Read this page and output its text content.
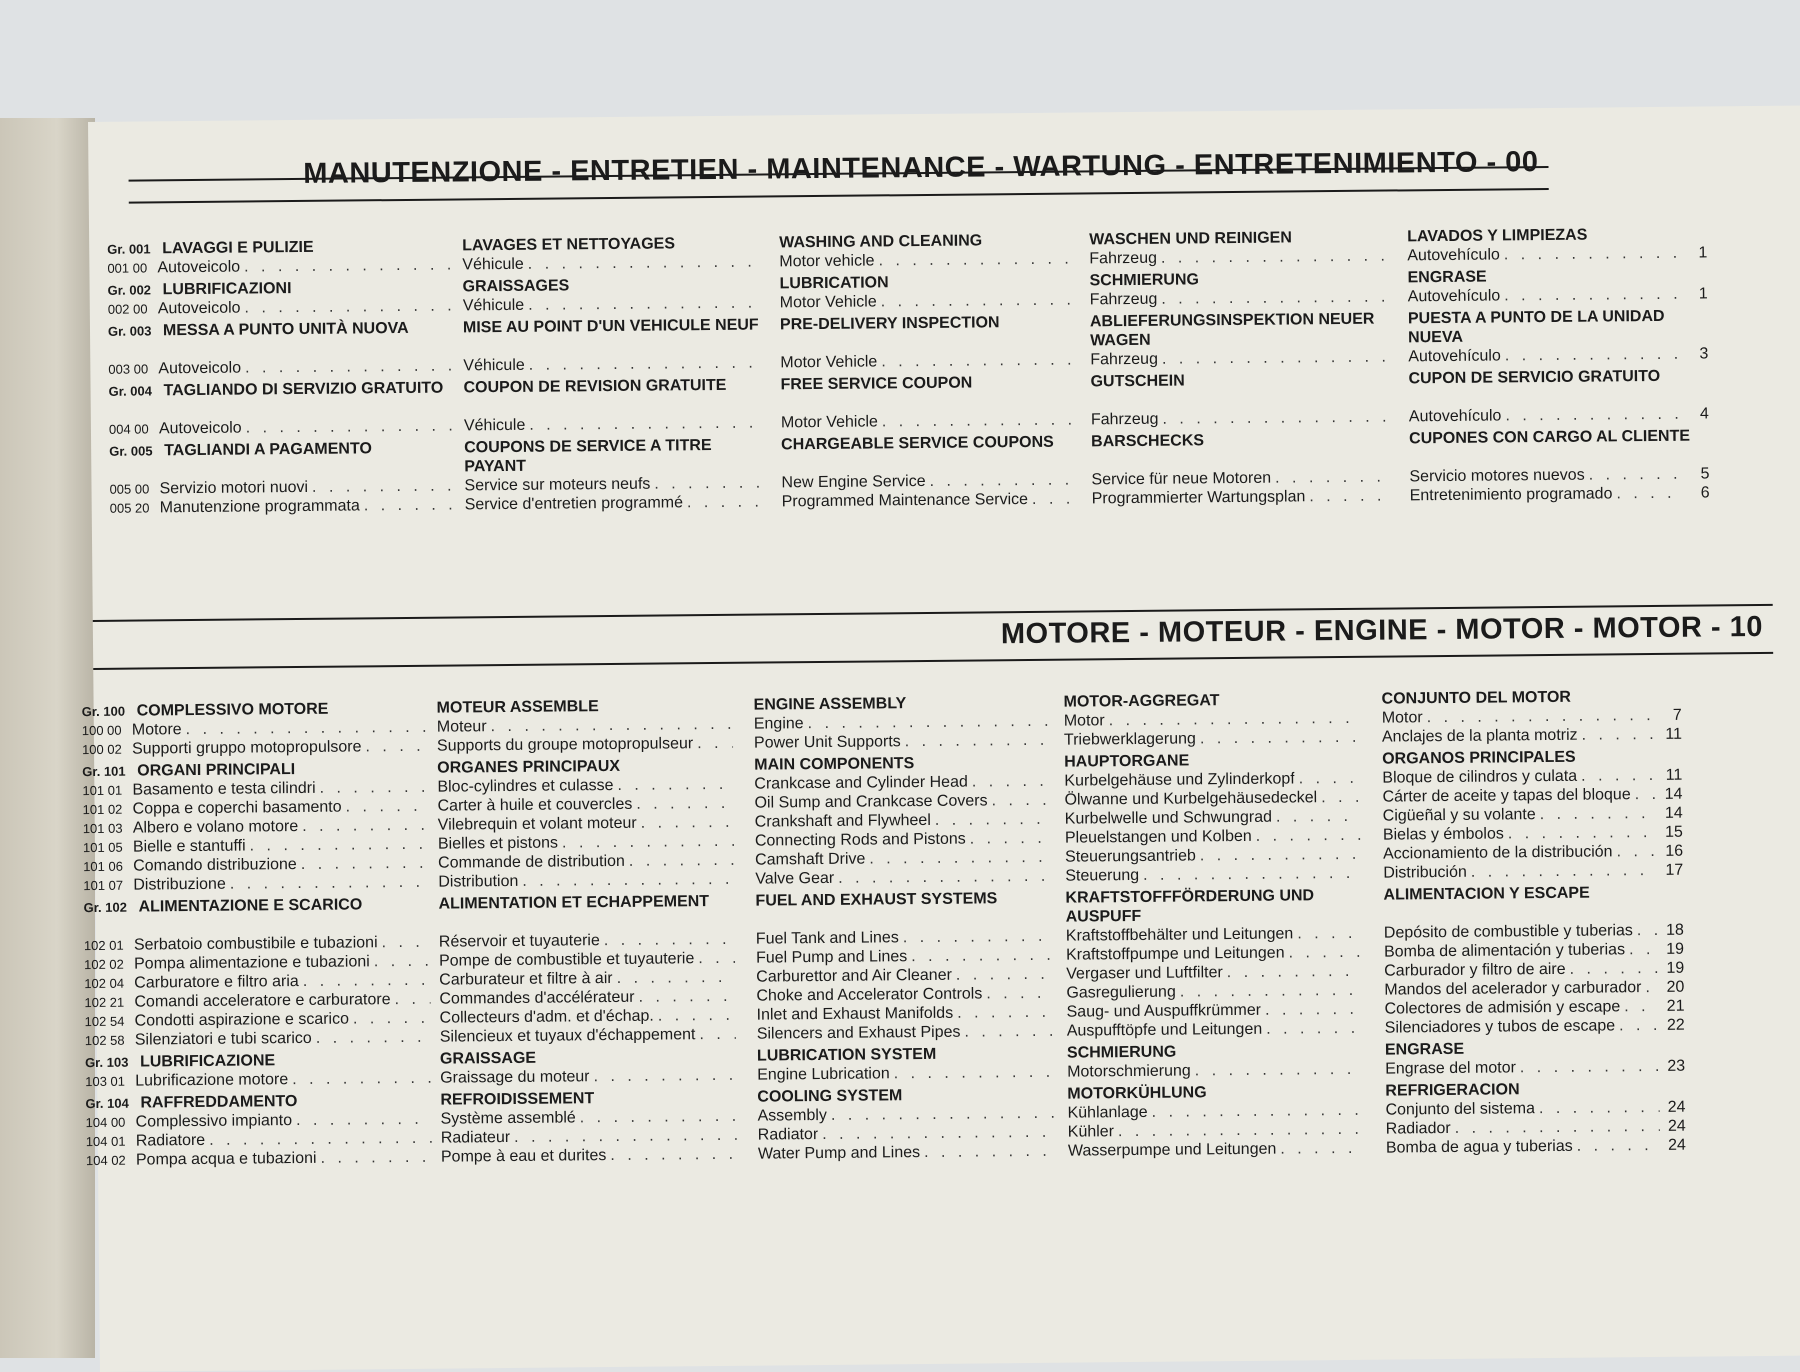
MANUTENZIONE - ENTRETIEN - MAINTENANCE - WARTUNG - ENTRETENIMIENTO - 00
Gr. 001 LAVAGGI E PULIZIE
001 00 Autoveicolo
. . .
Gr. 002 LUBRIFICAZIONI
002 00 Autoveicolo
. . .
Gr. 003 MESSA A PUNTO UNITÀ NUOVA
003 00 Autoveicolo
. . .
Gr. 004 TAGLIANDO DI SERVIZIO GRATUITO
004 00 Autoveicolo
. . .
Gr. 005 TAGLIANDI A PAGAMENTO
005 00 Servizio motori nuovi
. . .
005 20 Manutenzione programmata
. . .
LAVAGES ET NETTOYAGES
Véhicule
. . .
GRAISSAGES
Véhicule
. . .
MISE AU POINT D'UN VEHICULE NEUF
Véhicule
. . .
COUPON DE REVISION GRATUITE
Véhicule
. . .
COUPONS DE SERVICE A TITRE PAYANT
Service sur moteurs neufs
. . .
Service d'entretien programmé
. . .
WASHING AND CLEANING
Motor vehicle
. . .
LUBRICATION
Motor Vehicle
. . .
PRE-DELIVERY INSPECTION
Motor Vehicle
. . .
FREE SERVICE COUPON
Motor Vehicle
. . .
CHARGEABLE SERVICE COUPONS
New Engine Service
. . .
Programmed Maintenance Service
. . .
WASCHEN UND REINIGEN
Fahrzeug
. . .
SCHMIERUNG
Fahrzeug
. . .
ABLIEFERUNGSINSPEKTION NEUER WAGEN
Fahrzeug
. . .
GUTSCHEIN
Fahrzeug
. . .
BARSCHECKS
Service für neue Motoren
. . .
Programmierter Wartungsplan
. . .
LAVADOS Y LIMPIEZAS
Autovehículo . . .	1
ENGRASE
Autovehículo . . .	1
PUESTA A PUNTO DE LA UNIDAD NUEVA
Autovehículo . . .	3
CUPON DE SERVICIO GRATUITO
Autovehículo . . .	4
CUPONES CON CARGO AL CLIENTE
Servicio motores nuevos . . .	5
Entretenimiento programado . . .	6
MOTORE - MOTEUR - ENGINE - MOTOR - MOTOR - 10
Gr. 100 COMPLESSIVO MOTORE
100 00 Motore
. . .
100 02 Supporti gruppo motopropulsore
. . .
Gr. 101 ORGANI PRINCIPALI
101 01 Basamento e testa cilindri
. . .
101 02 Coppa e coperchi basamento
. . .
101 03 Albero e volano motore
. . .
101 05 Bielle e stantuffi
. . .
101 06 Comando distribuzione
. . .
101 07 Distribuzione
. . .
Gr. 102 ALIMENTAZIONE E SCARICO
102 01 Serbatoio combustibile e tubazioni
. . .
102 02 Pompa alimentazione e tubazioni
. . .
102 04 Carburatore e filtro aria
. . .
102 21 Comandi acceleratore e carburatore
. . .
102 54 Condotti aspirazione e scarico
. . .
102 58 Silenziatori e tubi scarico
. . .
Gr. 103 LUBRIFICAZIONE
103 01 Lubrificazione motore
. . .
Gr. 104 RAFFREDDAMENTO
104 00 Complessivo impianto
. . .
104 01 Radiatore
. . .
104 02 Pompa acqua e tubazioni
. . .
MOTEUR ASSEMBLE
Moteur
. . .
Supports du groupe motopropulseur
. . .
ORGANES PRINCIPAUX
Bloc-cylindres et culasse
. . .
Carter à huile et couvercles
. . .
Vilebrequin et volant moteur
. . .
Bielles et pistons
. . .
Commande de distribution
. . .
Distribution
. . .
ALIMENTATION ET ECHAPPEMENT
Réservoir et tuyauterie
. . .
Pompe de combustible et tuyauterie
. . .
Carburateur et filtre à air
. . .
Commandes d'accélérateur
. . .
Collecteurs d'adm. et d'échap.
. . .
Silencieux et tuyaux d'échappement
. . .
GRAISSAGE
Graissage du moteur
. . .
REFROIDISSEMENT
Système assemblé
. . .
Radiateur
. . .
Pompe à eau et durites
. . .
ENGINE ASSEMBLY
Engine
. . .
Power Unit Supports
. . .
MAIN COMPONENTS
Crankcase and Cylinder Head
. . .
Oil Sump and Crankcase Covers
. . .
Crankshaft and Flywheel
. . .
Connecting Rods and Pistons
. . .
Camshaft Drive
. . .
Valve Gear
. . .
FUEL AND EXHAUST SYSTEMS
Fuel Tank and Lines
. . .
Fuel Pump and Lines
. . .
Carburettor and Air Cleaner
. . .
Choke and Accelerator Controls
. . .
Inlet and Exhaust Manifolds
. . .
Silencers and Exhaust Pipes
. . .
LUBRICATION SYSTEM
Engine Lubrication
. . .
COOLING SYSTEM
Assembly
. . .
Radiator
. . .
Water Pump and Lines
. . .
MOTOR-AGGREGAT
Motor
. . .
Triebwerklagerung
. . .
HAUPTORGANE
Kurbelgehäuse und Zylinderkopf
. . .
Ölwanne und Kurbelgehäusedeckel
. . .
Kurbelwelle und Schwungrad
. . .
Pleuelstangen und Kolben
. . .
Steuerungsantrieb
. . .
Steuerung
. . .
KRAFTSTOFFFÖRDERUNG UND AUSPUFF
Kraftstoffbehälter und Leitungen
. . .
Kraftstoffpumpe und Leitungen
. . .
Vergaser und Luftfilter
. . .
Gasregulierung
. . .
Saug- und Auspuffkrümmer
. . .
Auspufftöpfe und Leitungen
. . .
SCHMIERUNG
Motorschmierung
. . .
MOTORKÜHLUNG
Kühlanlage
. . .
Kühler
. . .
Wasserpumpe und Leitungen
. . .
CONJUNTO DEL MOTOR
Motor . . .	7
Anclajes de la planta motriz . . .	11
ORGANOS PRINCIPALES
Bloque de cilindros y culata . . .	11
Cárter de aceite y tapas del bloque . . . 14
Cigüeñal y su volante . . .	14
Bielas y émbolos . . .	15
Accionamiento de la distribución . . .	16
Distribución . . .	17
ALIMENTACION Y ESCAPE
Depósito de combustible y tuberias . . . 18
Bomba de alimentación y tuberias . . .	19
Carburador y filtro de aire . . .	19
Mandos del acelerador y carburador . . . 20
Colectores de admisión y escape . . .	21
Silenciadores y tubos de escape . . .	22
ENGRASE
Engrase del motor . . .	23
REFRIGERACION
Conjunto del sistema . . .	24
Radiador . . .	24
Bomba de agua y tuberias . . .	24
